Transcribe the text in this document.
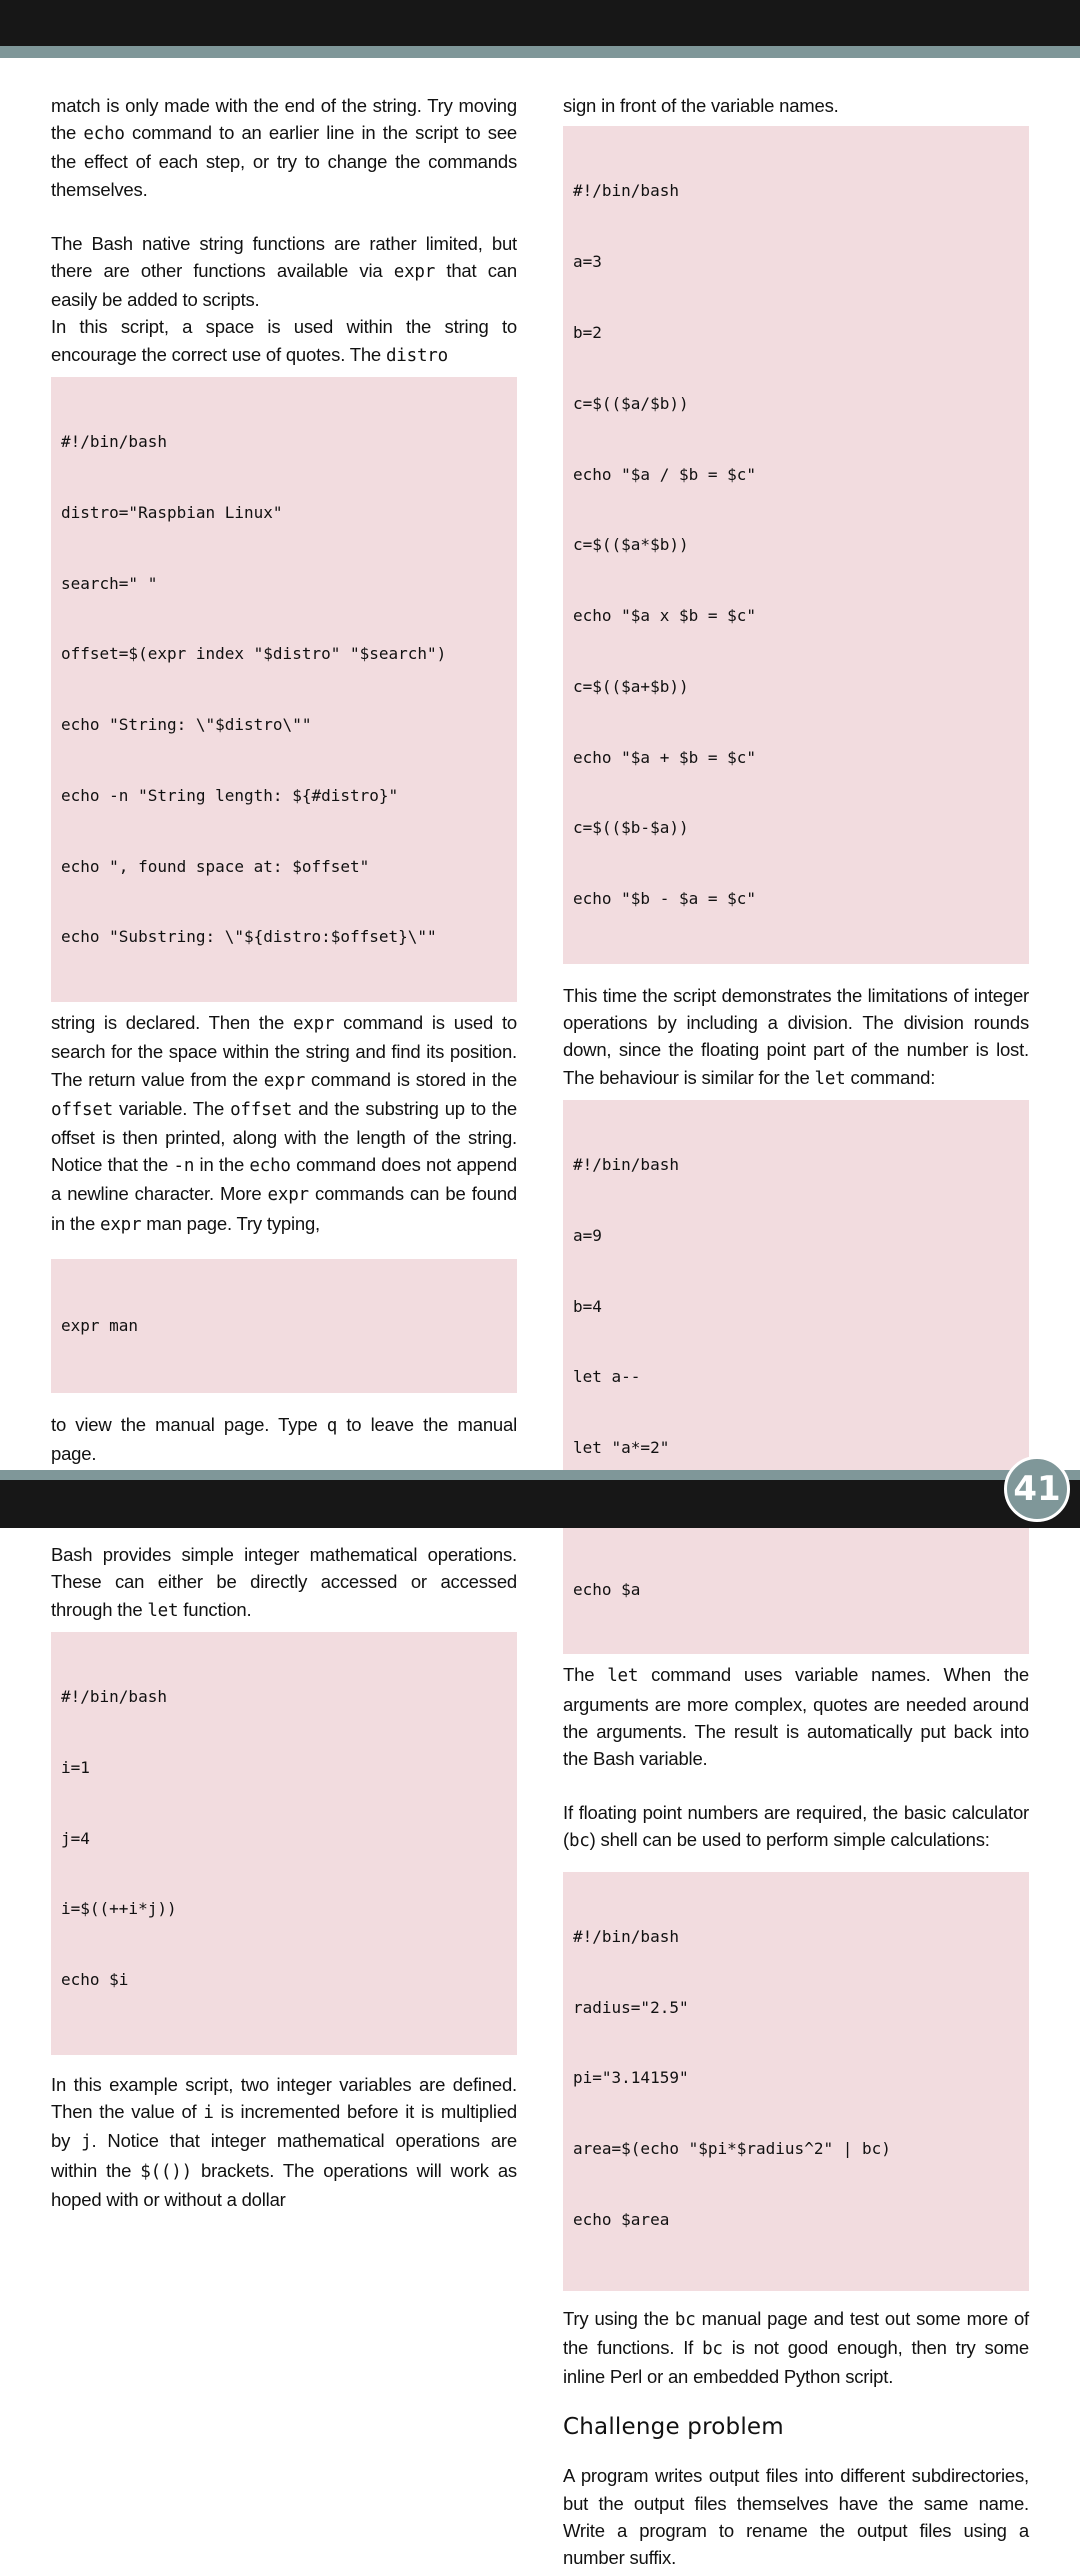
match is only made with the end of the string. Try moving the echo command to an earlier line in the script to see the effect of each step, or try to change the commands themselves.

The Bash native string functions are rather limited, but there are other functions available via expr that can easily be added to scripts.

In this script, a space is used within the string to encourage the correct use of quotes. The distro

#!/bin/bash

distro="Raspbian Linux"

search=" "

offset=$(expr index "$distro" "$search")

echo "String: \"$distro\""

echo -n "String length: ${#distro}"

echo ", found space at: $offset"

echo "Substring: \"${distro:$offset}\""

string is declared. Then the expr command is used to search for the space within the string and find its position. The return value from the expr command is stored in the offset variable. The offset and the substring up to the offset is then printed, along with the length of the string. Notice that the -n in the echo command does not append a newline character. More expr commands can be found in the expr man page. Try typing,

expr man

to view the manual page. Type q to leave the manual page.

Bash provides simple integer mathematical operations. These can either be directly accessed or accessed through the let function.

#!/bin/bash

i=1

j=4

i=$((++i*j))

echo $i

In this example script, two integer variables are defined. Then the value of i is incremented before it is multiplied by j. Notice that integer mathematical operations are within the $(()) brackets. The operations will work as hoped with or without a dollar

sign in front of the variable names.

#!/bin/bash

a=3

b=2

c=$(($a/$b))

echo "$a / $b = $c"

c=$(($a*$b))

echo "$a x $b = $c"

c=$(($a+$b))

echo "$a + $b = $c"

c=$(($b-$a))

echo "$b - $a = $c"

This time the script demonstrates the limitations of integer operations by including a division. The division rounds down, since the floating point part of the number is lost. The behaviour is similar for the let command:

#!/bin/bash

a=9

b=4

let a--

let "a*=2"

echo $a

The let command uses variable names. When the arguments are more complex, quotes are needed around the arguments. The result is automatically put back into the Bash variable.

If floating point numbers are required, the basic calculator (bc) shell can be used to perform simple calculations:

#!/bin/bash

radius="2.5"

pi="3.14159"

area=$(echo "$pi*$radius^2" | bc)

echo $area

Try using the bc manual page and test out some more of the functions. If bc is not good enough, then try some inline Perl or an embedded Python script.

Challenge problem

A program writes output files into different subdirectories, but the output files themselves have the same name. Write a program to rename the output files using a number suffix.

41
